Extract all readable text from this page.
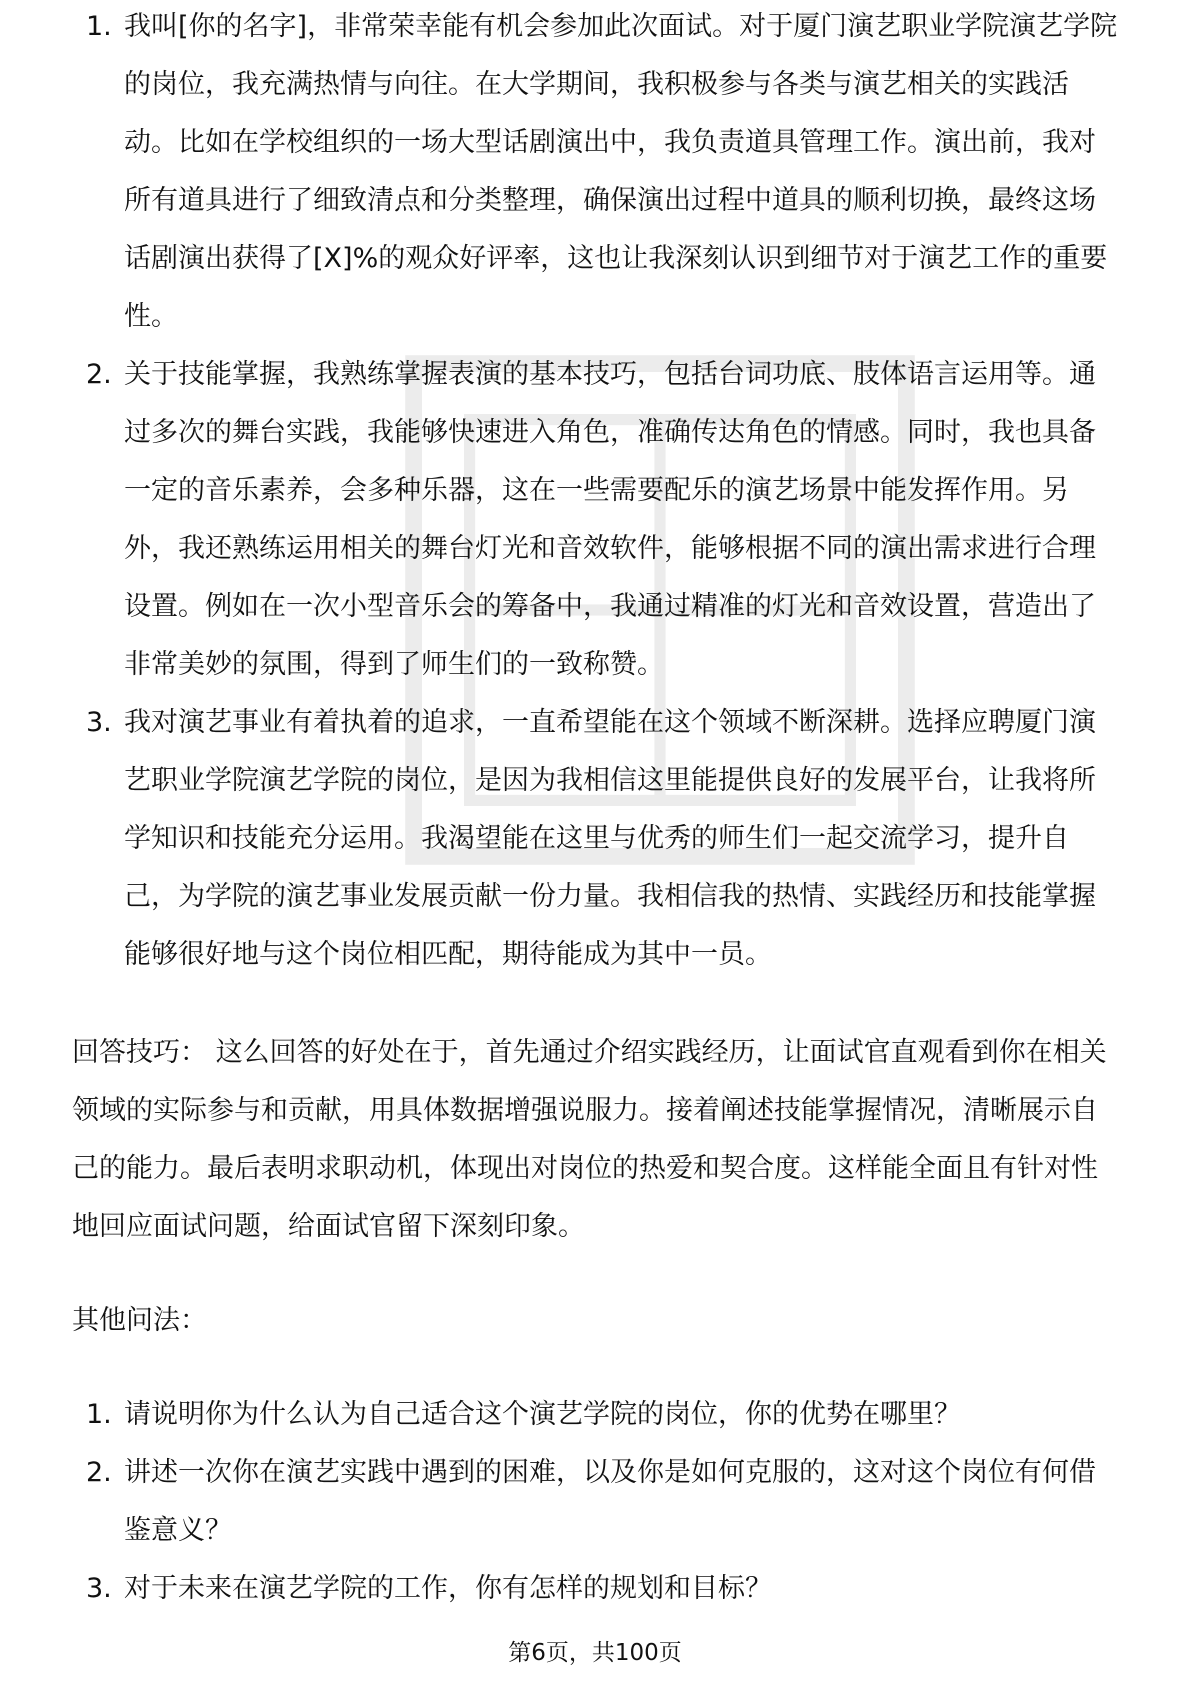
1. 我叫[你的名字]，非常荣幸能有机会参加此次面试。对于厦门演艺职业学院演艺学院的岗位，我充满热情与向往。在大学期间，我积极参与各类与演艺相关的实践活动。比如在学校组织的一场大型话剧演出中，我负责道具管理工作。演出前，我对所有道具进行了细致清点和分类整理，确保演出过程中道具的顺利切换，最终这场话剧演出获得了[X]%的观众好评率，这也让我深刻认识到细节对于演艺工作的重要性。
2. 关于技能掌握，我熟练掌握表演的基本技巧，包括台词功底、肢体语言运用等。通过多次的舞台实践，我能够快速进入角色，准确传达角色的情感。同时，我也具备一定的音乐素养，会多种乐器，这在一些需要配乐的演艺场景中能发挥作用。另外，我还熟练运用相关的舞台灯光和音效软件，能够根据不同的演出需求进行合理设置。例如在一次小型音乐会的筹备中，我通过精准的灯光和音效设置，营造出了非常美妙的氛围，得到了师生们的一致称赞。
3. 我对演艺事业有着执着的追求，一直希望能在这个领域不断深耕。选择应聘厦门演艺职业学院演艺学院的岗位，是因为我相信这里能提供良好的发展平台，让我将所学知识和技能充分运用。我渴望能在这里与优秀的师生们一起交流学习，提升自己，为学院的演艺事业发展贡献一份力量。我相信我的热情、实践经历和技能掌握能够很好地与这个岗位相匹配，期待能成为其中一员。

回答技巧： 这么回答的好处在于，首先通过介绍实践经历，让面试官直观看到你在相关领域的实际参与和贡献，用具体数据增强说服力。接着阐述技能掌握情况，清晰展示自己的能力。最后表明求职动机，体现出对岗位的热爱和契合度。这样能全面且有针对性地回应面试问题，给面试官留下深刻印象。

其他问法：

1. 请说明你为什么认为自己适合这个演艺学院的岗位，你的优势在哪里？
2. 讲述一次你在演艺实践中遇到的困难，以及你是如何克服的，这对这个岗位有何借鉴意义？
3. 对于未来在演艺学院的工作，你有怎样的规划和目标？
第6页，共100页
